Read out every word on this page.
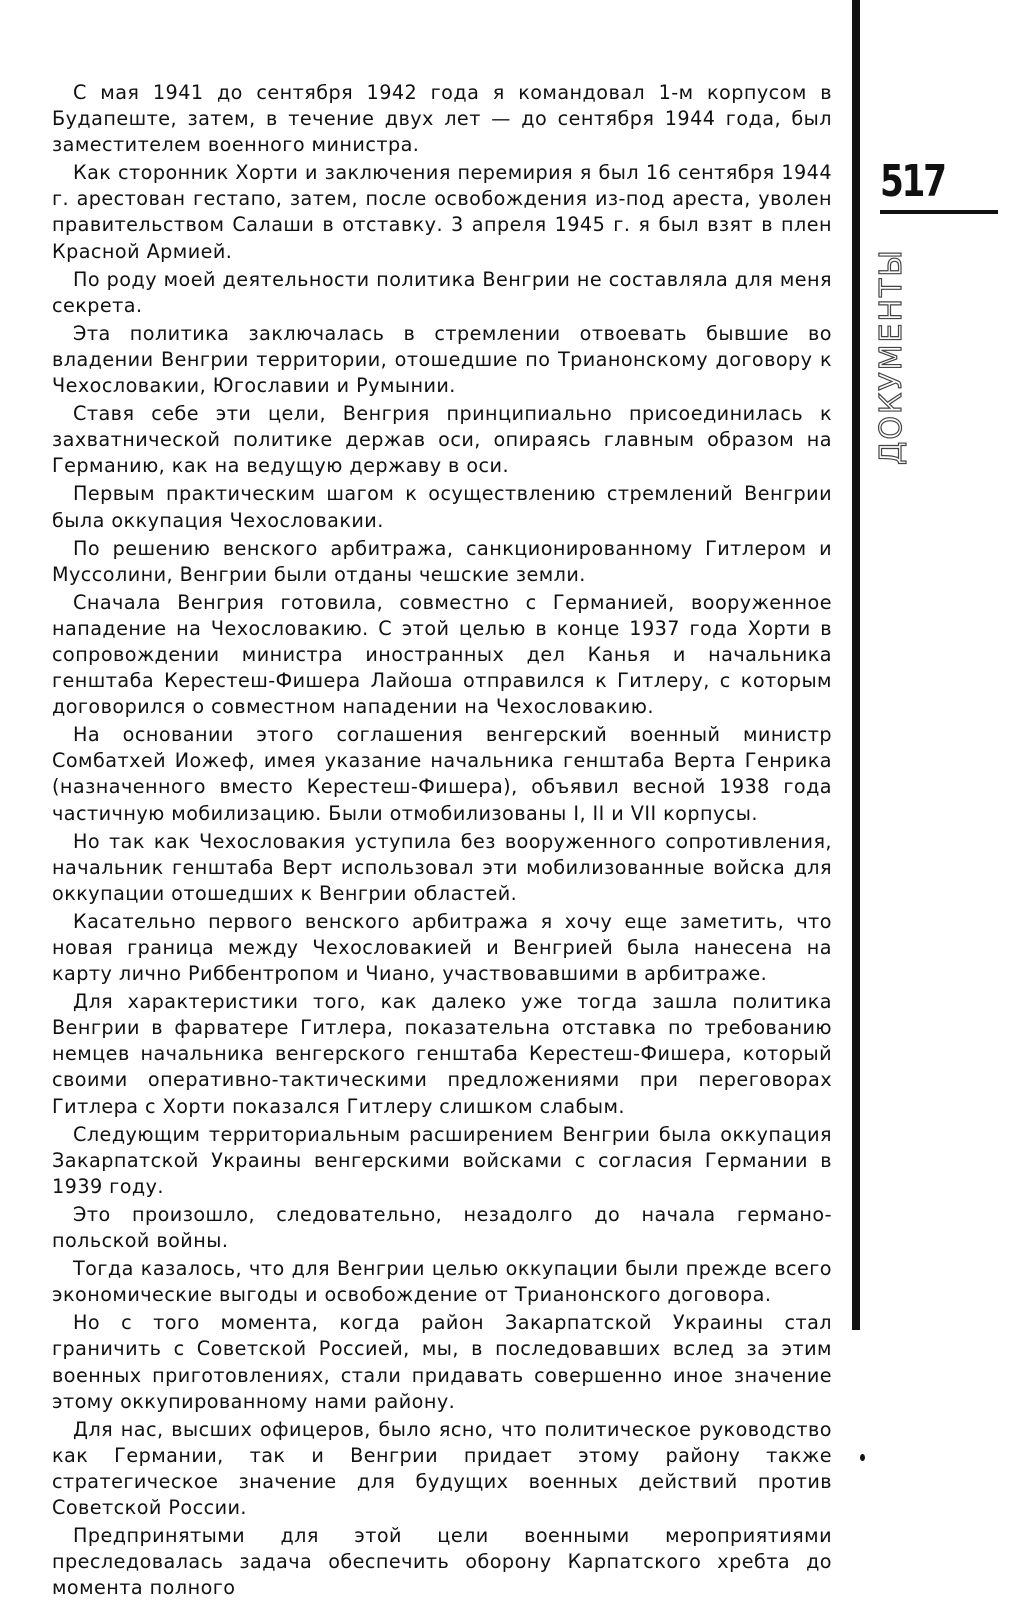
С мая 1941 до сентября 1942 года я командовал 1-м корпусом в Будапеште, затем, в течение двух лет — до сентября 1944 года, был заместителем военного министра.

Как сторонник Хорти и заключения перемирия я был 16 сентября 1944 г. арестован гестапо, затем, после освобождения из-под ареста, уволен правительством Салаши в отставку. 3 апреля 1945 г. я был взят в плен Красной Армией.

По роду моей деятельности политика Венгрии не составляла для меня секрета.

Эта политика заключалась в стремлении отвоевать бывшие во владении Венгрии территории, отошедшие по Трианонскому договору к Чехословакии, Югославии и Румынии.

Ставя себе эти цели, Венгрия принципиально присоединилась к захватнической политике держав оси, опираясь главным образом на Германию, как на ведущую державу в оси.

Первым практическим шагом к осуществлению стремлений Венгрии была оккупация Чехословакии.

По решению венского арбитража, санкционированному Гитлером и Муссолини, Венгрии были отданы чешские земли.

Сначала Венгрия готовила, совместно с Германией, вооруженное нападение на Чехословакию. С этой целью в конце 1937 года Хорти в сопровождении министра иностранных дел Канья и начальника генштаба Керестеш-Фишера Лайоша отправился к Гитлеру, с которым договорился о совместном нападении на Чехословакию.

На основании этого соглашения венгерский военный министр Сомбатхей Иожеф, имея указание начальника генштаба Верта Генрика (назначенного вместо Керестеш-Фишера), объявил весной 1938 года частичную мобилизацию. Были отмобилизованы I, II и VII корпусы.

Но так как Чехословакия уступила без вооруженного сопротивления, начальник генштаба Верт использовал эти мобилизованные войска для оккупации отошедших к Венгрии областей.

Касательно первого венского арбитража я хочу еще заметить, что новая граница между Чехословакией и Венгрией была нанесена на карту лично Риббентропом и Чиано, участвовавшими в арбитраже.

Для характеристики того, как далеко уже тогда зашла политика Венгрии в фарватере Гитлера, показательна отставка по требованию немцев начальника венгерского генштаба Керестеш-Фишера, который своими оперативно-тактическими предложениями при переговорах Гитлера с Хорти показался Гитлеру слишком слабым.

Следующим территориальным расширением Венгрии была оккупация Закарпатской Украины венгерскими войсками с согласия Германии в 1939 году.

Это произошло, следовательно, незадолго до начала германо-польской войны.

Тогда казалось, что для Венгрии целью оккупации были прежде всего экономические выгоды и освобождение от Трианонского договора.

Но с того момента, когда район Закарпатской Украины стал граничить с Советской Россией, мы, в последовавших вслед за этим военных приготовлениях, стали придавать совершенно иное значение этому оккупированному нами району.

Для нас, высших офицеров, было ясно, что политическое руководство как Германии, так и Венгрии придает этому району также стратегическое значение для будущих военных действий против Советской России.

Предпринятыми для этой цели военными мероприятиями преследовалась задача обеспечить оборону Карпатского хребта до момента полного

517
ДОКУМЕНТЫ
